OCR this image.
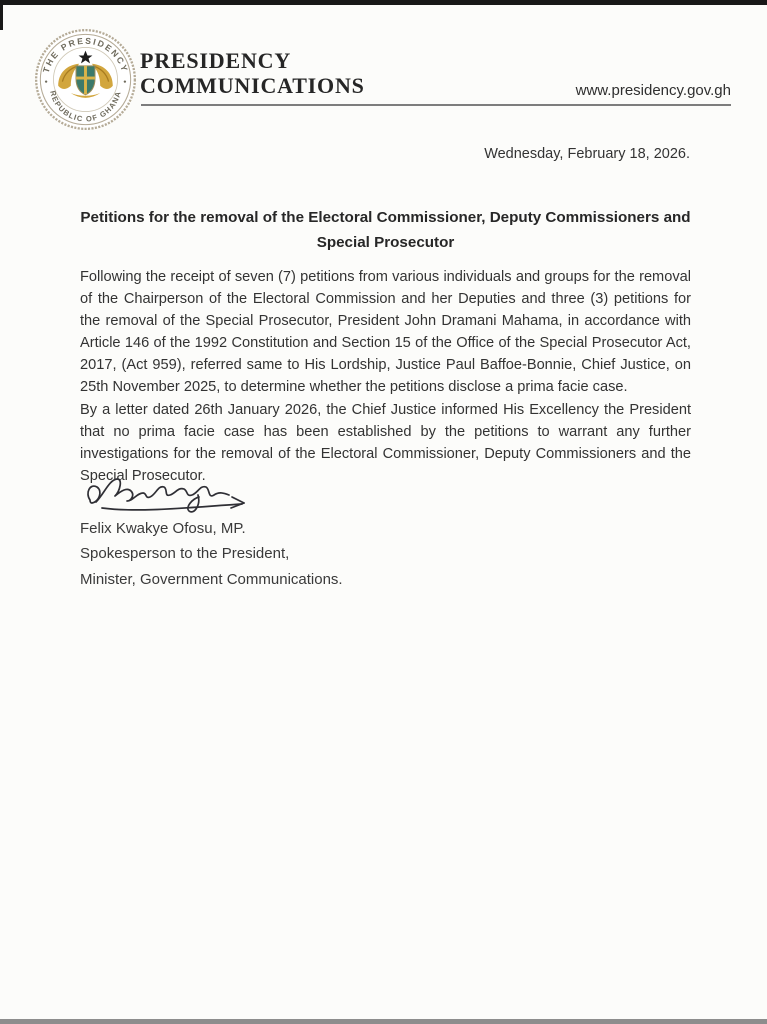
THE PRESIDENCY
REPUBLIC OF GHANA
PRESIDENCY
COMMUNICATIONS	www.presidency.gov.gh
Wednesday, February 18, 2026.
Petitions for the removal of the Electoral Commissioner, Deputy Commissioners and Special Prosecutor

Following the receipt of seven (7) petitions from various individuals and groups for the removal of the Chairperson of the Electoral Commission and her Deputies and three (3) petitions for the removal of the Special Prosecutor, President John Dramani Mahama, in accordance with Article 146 of the 1992 Constitution and Section 15 of the Office of the Special Prosecutor Act, 2017, (Act 959), referred same to His Lordship, Justice Paul Baffoe-Bonnie, Chief Justice, on 25th November 2025, to determine whether the petitions disclose a prima facie case.

By a letter dated 26th January 2026, the Chief Justice informed His Excellency the President that no prima facie case has been established by the petitions to warrant any further investigations for the removal of the Electoral Commissioner, Deputy Commissioners and the Special Prosecutor.

Felix Kwakye Ofosu, MP.
Spokesperson to the President,
Minister, Government Communications.
